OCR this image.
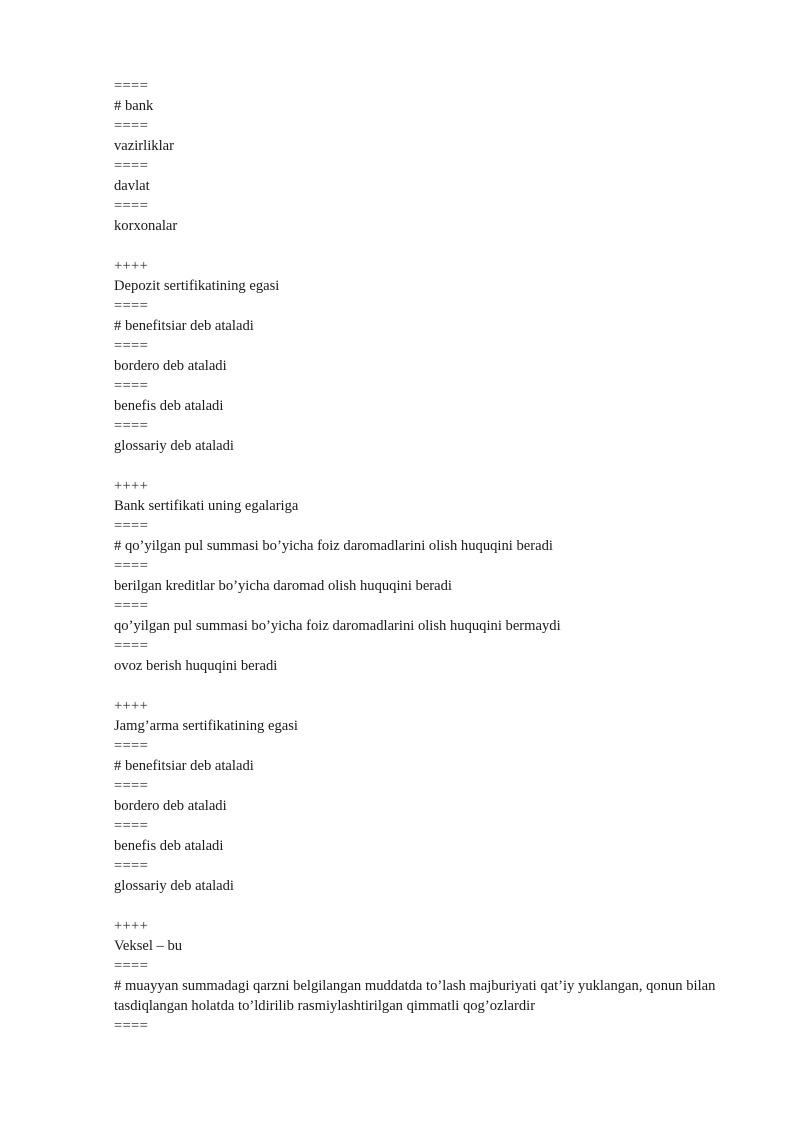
====
# bank
====
vazirliklar
====
davlat
====
korxonalar
++++
Depozit sertifikatining egasi
====
# benefitsiar deb ataladi
====
bordero deb ataladi
====
benefis deb ataladi
====
glossariy deb ataladi
++++
Bank sertifikati uning egalariga
====
# qo’yilgan pul summasi bo’yicha foiz daromadlarini olish huquqini beradi
====
berilgan kreditlar bo’yicha daromad olish huquqini beradi
====
qo’yilgan pul summasi bo’yicha foiz daromadlarini olish huquqini bermaydi
====
ovoz berish huquqini beradi
++++
Jamg’arma sertifikatining egasi
====
# benefitsiar deb ataladi
====
bordero deb ataladi
====
benefis deb ataladi
====
glossariy deb ataladi
++++
Veksel – bu
====
# muayyan summadagi qarzni belgilangan muddatda to’lash majburiyati qat’iy yuklangan, qonun bilan tasdiqlangan holatda to’ldirilib rasmiylashtirilgan qimmatli qog’ozlardir
====
